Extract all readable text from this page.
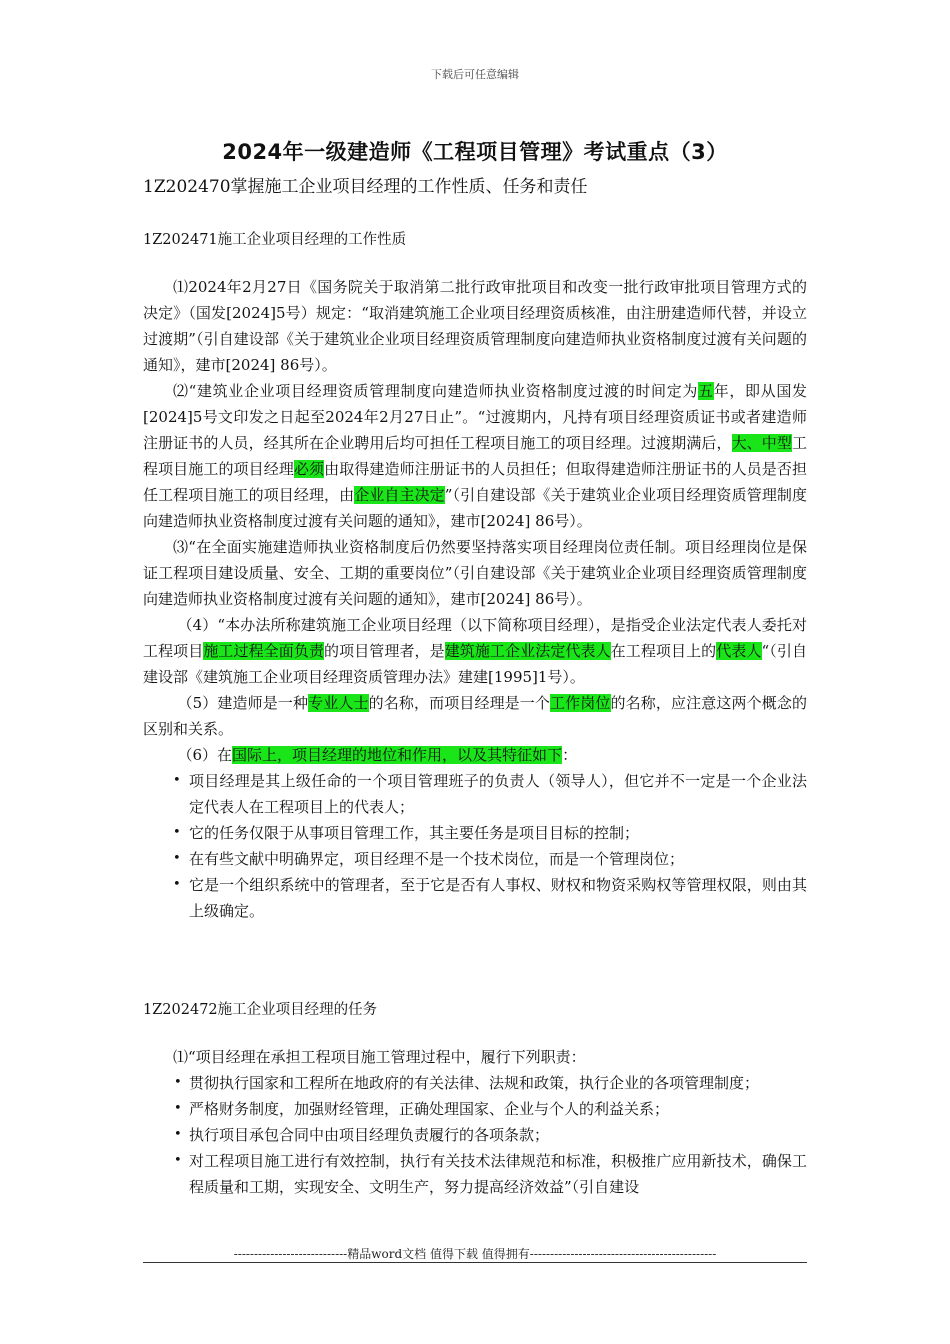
下载后可任意编辑
2024年一级建造师《工程项目管理》考试重点（3）
1Z202470掌握施工企业项目经理的工作性质、任务和责任
1Z202471施工企业项目经理的工作性质

⑴2024年2月27日《国务院关于取消第二批行政审批项目和改变一批行政审批项目管理方式的决定》（国发[2024]5号）规定：“取消建筑施工企业项目经理资质核准，由注册建造师代替，并设立过渡期”（引自建设部《关于建筑业企业项目经理资质管理制度向建造师执业资格制度过渡有关问题的通知》，建市[2024] 86号）。

⑵“建筑业企业项目经理资质管理制度向建造师执业资格制度过渡的时间定为五年，即从国发[2024]5号文印发之日起至2024年2月27日止”。“过渡期内，凡持有项目经理资质证书或者建造师注册证书的人员，经其所在企业聘用后均可担任工程项目施工的项目经理。过渡期满后，大、中型工程项目施工的项目经理必须由取得建造师注册证书的人员担任；但取得建造师注册证书的人员是否担任工程项目施工的项目经理，由企业自主决定”（引自建设部《关于建筑业企业项目经理资质管理制度向建造师执业资格制度过渡有关问题的通知》，建市[2024] 86号）。

⑶“在全面实施建造师执业资格制度后仍然要坚持落实项目经理岗位责任制。项目经理岗位是保证工程项目建设质量、安全、工期的重要岗位”（引自建设部《关于建筑业企业项目经理资质管理制度向建造师执业资格制度过渡有关问题的通知》，建市[2024] 86号）。

（4）“本办法所称建筑施工企业项目经理（以下简称项目经理），是指受企业法定代表人委托对工程项目施工过程全面负责的项目管理者，是建筑施工企业法定代表人在工程项目上的代表人“（引自建设部《建筑施工企业项目经理资质管理办法》建建[1995]1号）。

（5）建造师是一种专业人士的名称，而项目经理是一个工作岗位的名称，应注意这两个概念的区别和关系。

（6）在国际上，项目经理的地位和作用，以及其特征如下：

• 项目经理是其上级任命的一个项目管理班子的负责人（领导人），但它并不一定是一个企业法定代表人在工程项目上的代表人；
• 它的任务仅限于从事项目管理工作，其主要任务是项目目标的控制；
• 在有些文献中明确界定，项目经理不是一个技术岗位，而是一个管理岗位；
• 它是一个组织系统中的管理者，至于它是否有人事权、财权和物资采购权等管理权限，则由其上级确定。
1Z202472施工企业项目经理的任务

⑴“项目经理在承担工程项目施工管理过程中，履行下列职责：

• 贯彻执行国家和工程所在地政府的有关法律、法规和政策，执行企业的各项管理制度；
• 严格财务制度，加强财经管理，正确处理国家、企业与个人的利益关系；
• 执行项目承包合同中由项目经理负责履行的各项条款；
• 对工程项目施工进行有效控制，执行有关技术法律规范和标准，积极推广应用新技术，确保工程质量和工期，实现安全、文明生产，努力提高经济效益”（引自建设
----------------------------精品word文档 值得下载 值得拥有----------------------------------------------
